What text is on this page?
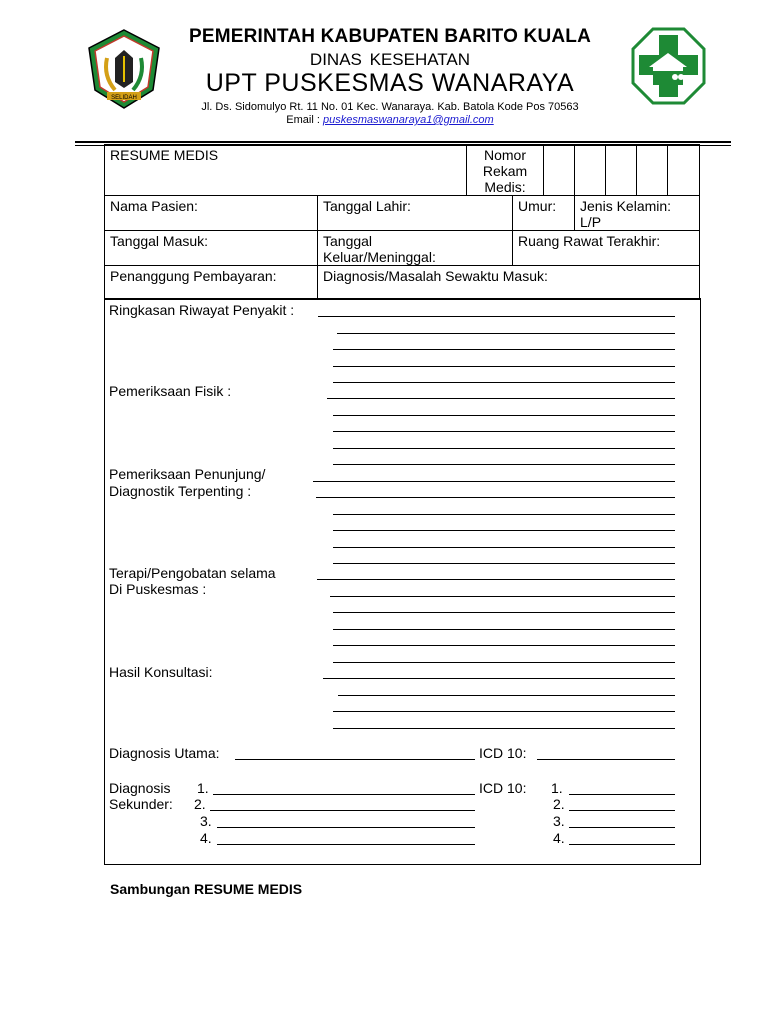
SELIDAH
PEMERINTAH KABUPATEN BARITO KUALA
DINAS KESEHATAN
UPT PUSKESMAS WANARAYA
Jl. Ds. Sidomulyo Rt. 11 No. 01 Kec. Wanaraya. Kab. Batola Kode Pos 70563
Email : puskesmaswanaraya1@gmail.com
RESUME MEDIS		Nomor Rekam Medis:						
Nama Pasien:	Tanggal Lahir:		Umur:		Jenis Kelamin: L/P			
Tanggal Masuk:	Tanggal Keluar/Meninggal:		Ruang Rawat Terakhir:					
Penanggung Pembayaran:	Diagnosis/Masalah Sewaktu Masuk:							
Ringkasan Riwayat Penyakit :
Pemeriksaan Fisik :
Pemeriksaan Penunjung/
Diagnostik Terpenting :
Terapi/Pengobatan selama
Di Puskesmas :
Hasil Konsultasi:
Diagnosis Utama:	ICD 10:
Diagnosis
Sekunder:
1.
2.
3.
4.
ICD 10: 1.
2.
3.
4.
Sambungan RESUME MEDIS
